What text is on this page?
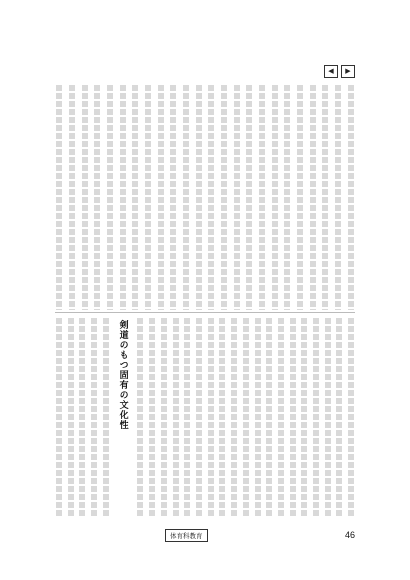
◀	▶
剣道のもつ固有の文化性
体育科教育	46
